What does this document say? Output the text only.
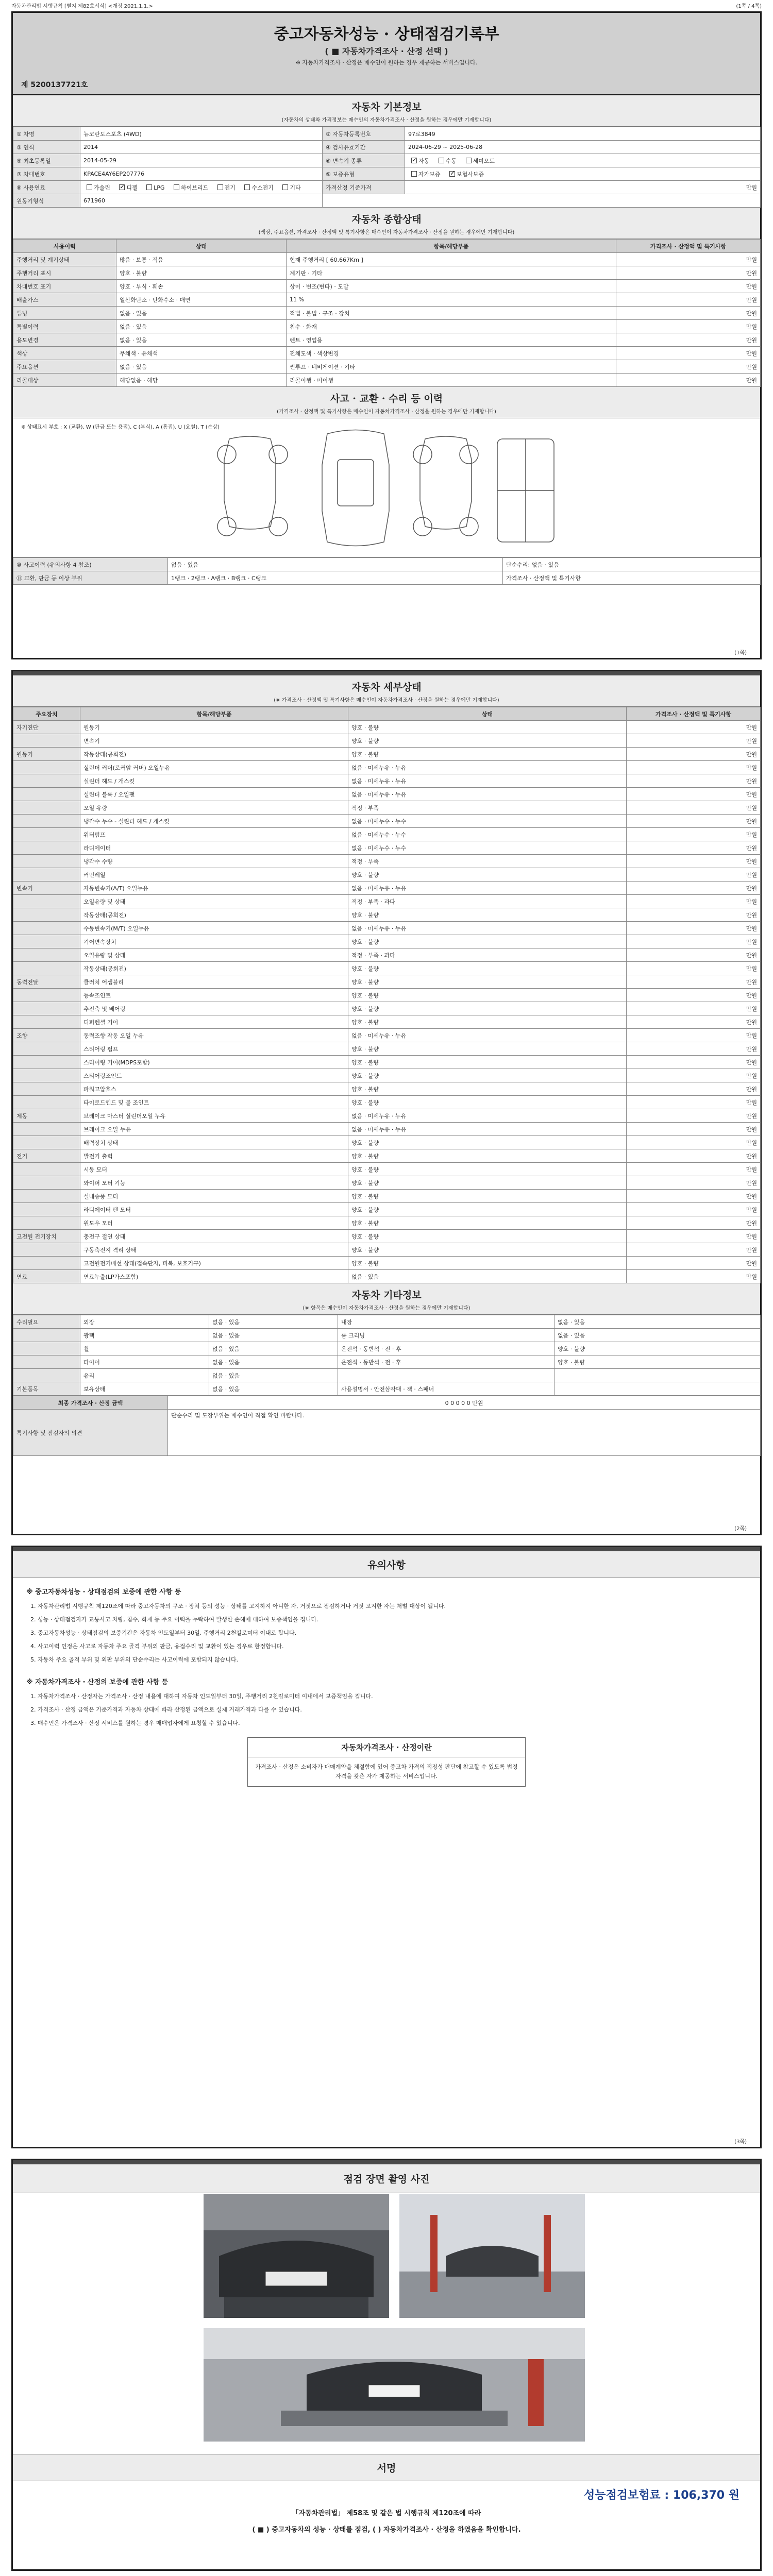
자동차관리법 시행규칙 [별지 제82호서식] <개정 2021.1.1.>	(1쪽 / 4쪽)
중고자동차성능 · 상태점검기록부
( ■ 자동차가격조사 · 산정 선택 )
※ 자동차가격조사 · 산정은 매수인이 원하는 경우 제공하는 서비스입니다.
제 5200137721호
자동차 기본정보
(자동차의 상태와 가격정보는 매수인의 자동차가격조사 · 산정을 원하는 경우에만 기재합니다)
① 차명	뉴코란도스포츠 (4WD)	② 자동차등록번호	97로3849
③ 연식	2014	④ 검사유효기간	2024-06-29 ~ 2025-06-28
⑤ 최초등록일	2014-05-29	⑥ 변속기 종류	✓자동 수동 세미오토
⑦ 차대번호	KPACE4AY6EP207776	⑨ 보증유형	자가보증 ✓ 보험사보증
⑧ 사용연료	가솔린 ✓ 디젤 LPG 하이브리드 전기 수소전기 기타	가격산정 기준가격	만원
원동기형식	671960		
자동차 종합상태
(색상, 주요옵션, 가격조사 · 산정액 및 특기사항은 매수인이 자동차가격조사 · 산정을 원하는 경우에만 기재합니다)
사용이력	상태	항목/해당부품	가격조사 · 산정액 및 특기사항
주행거리 및 계기상태	많음 · 보통 · 적음	현재 주행거리 [ 60,667Km ]	만원
주행거리 표시	양호 · 불량	계기판 · 기타	만원
차대번호 표기	양호 · 부식 · 훼손	상이 · 변조(변타) · 도말	만원
배출가스	일산화탄소 · 탄화수소 · 매연	11 %	만원
튜닝	없음 · 있음	적법 · 불법 · 구조 · 장치	만원
특별이력	없음 · 있음	침수 · 화재	만원
용도변경	없음 · 있음	렌트 · 영업용	만원
색상	무채색 · 유채색	전체도색 · 색상변경	만원
주요옵션	없음 · 있음	썬루프 · 네비게이션 · 기타	만원
리콜대상	해당없음 · 해당	리콜이행 · 미이행	만원
사고 · 교환 · 수리 등 이력
(가격조사 · 산정액 및 특기사항은 매수인이 자동차가격조사 · 산정을 원하는 경우에만 기재합니다)
※ 상태표시 부호 : X (교환), W (판금 또는 용접), C (부식), A (흠집), U (요철), T (손상)
⑩ 사고이력 (유의사항 4 참조)	없음 · 있음	단순수리: 없음 · 있음
⑪ 교환, 판금 등 이상 부위	1랭크 · 2랭크 · A랭크 · B랭크 · C랭크	가격조사 · 산정액 및 특기사항
(1쪽)
자동차 세부상태
(※ 가격조사 · 산정액 및 특기사항은 매수인이 자동차가격조사 · 산정을 원하는 경우에만 기재합니다)
주요장치	항목/해당부품	상태	가격조사 · 산정액 및 특기사항
자기진단	원동기	양호 · 불량	만원
	변속기	양호 · 불량	만원
원동기	작동상태(공회전)	양호 · 불량	만원
	실린더 커버(로커암 커버) 오일누유	없음 · 미세누유 · 누유	만원
	실린더 헤드 / 개스킷	없음 · 미세누유 · 누유	만원
	실린더 블록 / 오일팬	없음 · 미세누유 · 누유	만원
	오일 유량	적정 · 부족	만원
	냉각수 누수 - 실린더 헤드 / 개스킷	없음 · 미세누수 · 누수	만원
	워터펌프	없음 · 미세누수 · 누수	만원
	라디에이터	없음 · 미세누수 · 누수	만원
	냉각수 수량	적정 · 부족	만원
	커먼레일	양호 · 불량	만원
변속기	자동변속기(A/T) 오일누유	없음 · 미세누유 · 누유	만원
	오일유량 및 상태	적정 · 부족 · 과다	만원
	작동상태(공회전)	양호 · 불량	만원
	수동변속기(M/T) 오일누유	없음 · 미세누유 · 누유	만원
	기어변속장치	양호 · 불량	만원
	오일유량 및 상태	적정 · 부족 · 과다	만원
	작동상태(공회전)	양호 · 불량	만원
동력전달	클러치 어셈블리	양호 · 불량	만원
	등속조인트	양호 · 불량	만원
	추진축 및 베어링	양호 · 불량	만원
	디퍼렌셜 기어	양호 · 불량	만원
조향	동력조향 작동 오일 누유	없음 · 미세누유 · 누유	만원
	스티어링 펌프	양호 · 불량	만원
	스티어링 기어(MDPS포함)	양호 · 불량	만원
	스티어링조인트	양호 · 불량	만원
	파워고압호스	양호 · 불량	만원
	타이로드엔드 및 볼 조인트	양호 · 불량	만원
제동	브레이크 마스터 실린더오일 누유	없음 · 미세누유 · 누유	만원
	브레이크 오일 누유	없음 · 미세누유 · 누유	만원
	배력장치 상태	양호 · 불량	만원
전기	발전기 출력	양호 · 불량	만원
	시동 모터	양호 · 불량	만원
	와이퍼 모터 기능	양호 · 불량	만원
	실내송풍 모터	양호 · 불량	만원
	라디에이터 팬 모터	양호 · 불량	만원
	윈도우 모터	양호 · 불량	만원
고전원 전기장치	충전구 절연 상태	양호 · 불량	만원
	구동축전지 격리 상태	양호 · 불량	만원
	고전원전기배선 상태(접속단자, 피복, 보호기구)	양호 · 불량	만원
연료	연료누출(LP가스포함)	없음 · 있음	만원
자동차 기타정보
(※ 항목은 매수인이 자동차가격조사 · 산정을 원하는 경우에만 기재합니다)
수리필요	외장	없음 · 있음	내장	없음 · 있음
	광택	없음 · 있음	룸 크리닝	없음 · 있음
	휠	없음 · 있음	운전석 · 동반석 · 전 · 후	양호 · 불량
	타이어	없음 · 있음	운전석 · 동반석 · 전 · 후	양호 · 불량
	유리	없음 · 있음		
기본품목	보유상태	없음 · 있음	사용설명서 · 안전삼각대 · 잭 · 스패너	
최종 가격조사 · 산정 금액	0 0 0 0 0 만원
특기사항 및 점검자의 의견	단순수리 및 도장부위는 매수인이 직접 확인 바랍니다.
(2쪽)
유의사항
※ 중고자동차성능 · 상태점검의 보증에 관한 사항 등
1. 자동차관리법 시행규칙 제120조에 따라 중고자동차의 구조 · 장치 등의 성능 · 상태를 고지하지 아니한 자, 거짓으로 점검하거나 거짓 고지한 자는 처벌 대상이 됩니다.
2. 성능 · 상태점검자가 교통사고 차량, 침수, 화재 등 주요 이력을 누락하여 발생한 손해에 대하여 보증책임을 집니다.
3. 중고자동차성능 · 상태점검의 보증기간은 자동차 인도일부터 30일, 주행거리 2천킬로미터 이내로 합니다.
4. 사고이력 인정은 사고로 자동차 주요 골격 부위의 판금, 용접수리 및 교환이 있는 경우로 한정합니다.
5. 자동차 주요 골격 부위 및 외판 부위의 단순수리는 사고이력에 포함되지 않습니다.
※ 자동차가격조사 · 산정의 보증에 관한 사항 등
1. 자동차가격조사 · 산정자는 가격조사 · 산정 내용에 대하여 자동차 인도일부터 30일, 주행거리 2천킬로미터 이내에서 보증책임을 집니다.
2. 가격조사 · 산정 금액은 기준가격과 자동차 상태에 따라 산정된 금액으로 실제 거래가격과 다를 수 있습니다.
3. 매수인은 가격조사 · 산정 서비스를 원하는 경우 매매업자에게 요청할 수 있습니다.
자동차가격조사 · 산정이란
가격조사 · 산정은 소비자가 매매계약을 체결함에 있어 중고차 가격의 적정성 판단에 참고할 수 있도록 법정 자격을 갖춘 자가 제공하는 서비스입니다.
(3쪽)
점검 장면 촬영 사진
서명
성능점검보험료 : 106,370 원
「자동차관리법」 제58조 및 같은 법 시행규칙 제120조에 따라
( ■ ) 중고자동차의 성능 · 상태를 점검, ( ) 자동차가격조사 · 산정을 하였음을 확인합니다.
